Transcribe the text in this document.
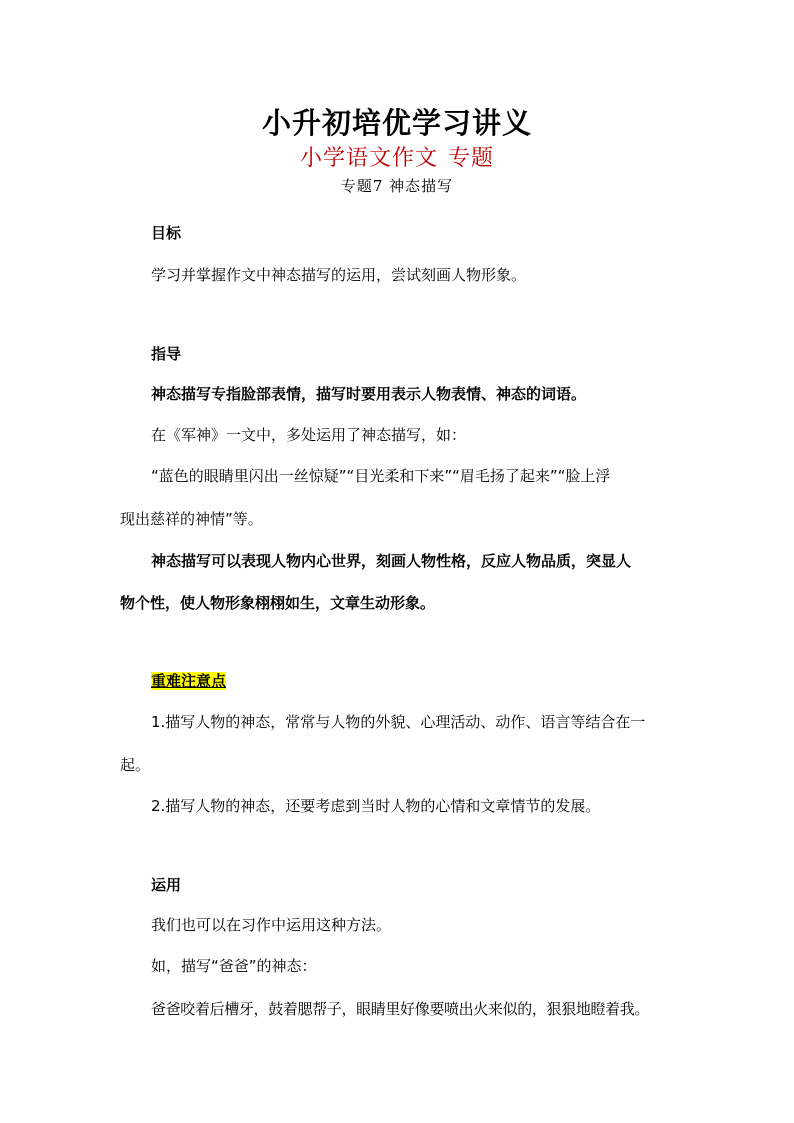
小升初培优学习讲义
小学语文作文 专题
专题7 神态描写
目标
学习并掌握作文中神态描写的运用，尝试刻画人物形象。
指导
神态描写专指脸部表情，描写时要用表示人物表情、神态的词语。
在《军神》一文中，多处运用了神态描写，如：
“蓝色的眼睛里闪出一丝惊疑”“目光柔和下来”“眉毛扬了起来”“脸上浮
现出慈祥的神情”等。
神态描写可以表现人物内心世界，刻画人物性格，反应人物品质，突显人
物个性，使人物形象栩栩如生，文章生动形象。
重难注意点
1.描写人物的神态，常常与人物的外貌、心理活动、动作、语言等结合在一
起。
2.描写人物的神态，还要考虑到当时人物的心情和文章情节的发展。
运用
我们也可以在习作中运用这种方法。
如，描写“爸爸”的神态：
爸爸咬着后槽牙，鼓着腮帮子，眼睛里好像要喷出火来似的，狠狠地瞪着我。
